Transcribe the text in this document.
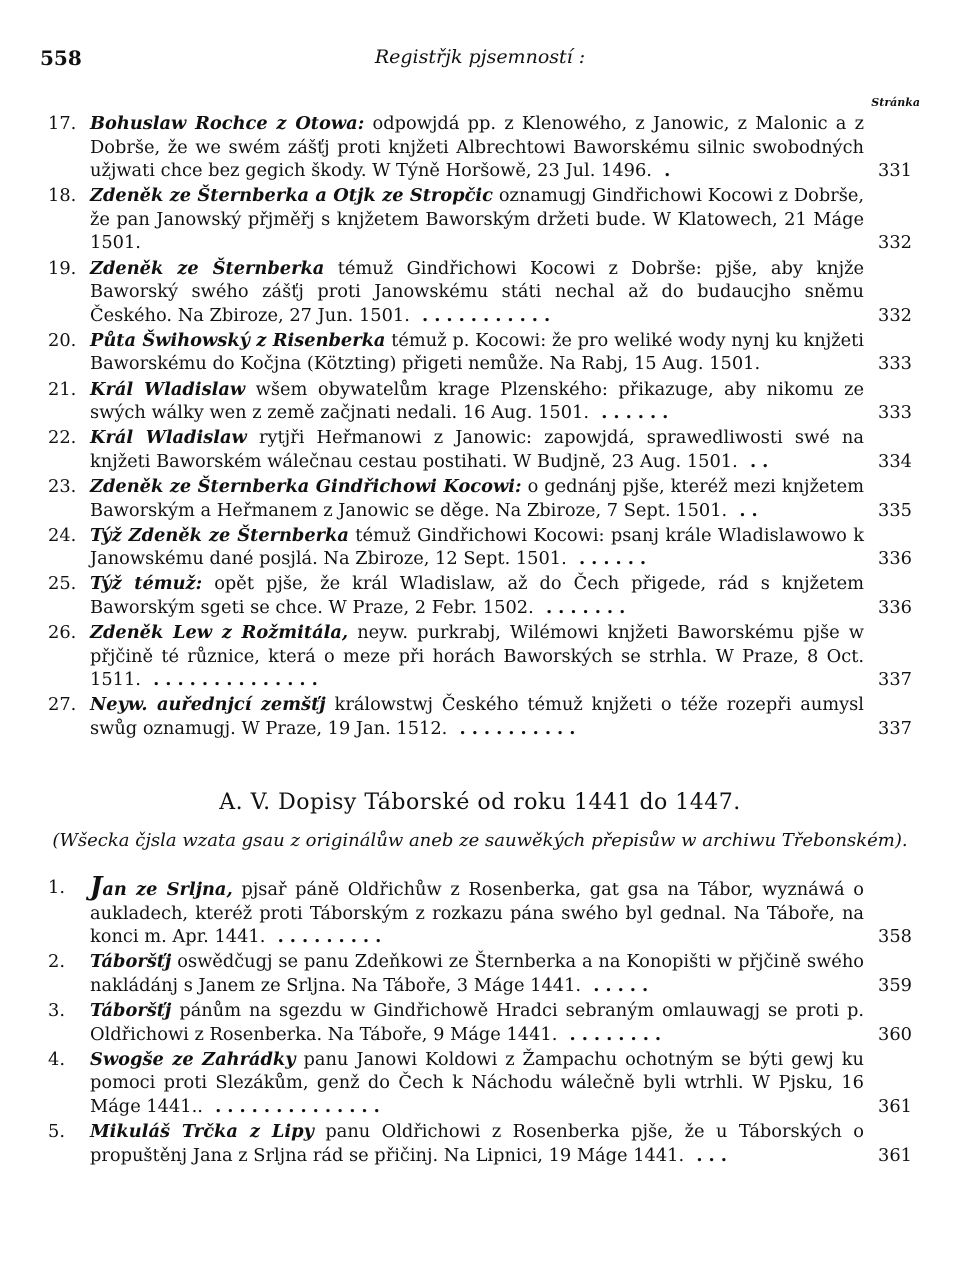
558	Registřjk pjsemností :
Stránka
17. Bohuslaw Rochce z Otowa: odpowjdá pp. z Klenowého, z Janowic, z Malonic a z Dobrše, že we swém zášťj proti knjžeti Albrechtowi Baworskému silnic swobodných užjwati chce bez gegich škody. W Týně Horšowě, 23 Jul. 1496. .	331
18. Zdeněk ze Šternberka a Otjk ze Stropčic oznamugj Gindřichowi Kocowi z Dobrše, že pan Janowský přjměřj s knjžetem Baworským držeti bude. W Klatowech, 21 Máge 1501.	332
19. Zdeněk ze Šternberka témuž Gindřichowi Kocowi z Dobrše: pjše, aby knjže Baworský swého zášťj proti Janowskému státi nechal až do budaucjho sněmu Českého. Na Zbiroze, 27 Jun. 1501. ...........	332
20. Půta Šwihowský z Risenberka témuž p. Kocowi: že pro weliké wody nynj ku knjžeti Baworskému do Kočjna (Kötzting) přigeti nemůže. Na Rabj, 15 Aug. 1501.	333
21. Král Wladislaw wšem obywatelům krage Plzenského: přikazuge, aby nikomu ze swých wálky wen z země začjnati nedali. 16 Aug. 1501. ......	333
22. Král Wladislaw rytjři Heřmanowi z Janowic: zapowjdá, sprawedliwosti swé na knjžeti Baworském wálečnau cestau postihati. W Budjně, 23 Aug. 1501. ..	334
23. Zdeněk ze Šternberka Gindřichowi Kocowi: o gednánj pjše, kteréž mezi knjžetem Baworským a Heřmanem z Janowic se děge. Na Zbiroze, 7 Sept. 1501. ..	335
24. Týž Zdeněk ze Šternberka témuž Gindřichowi Kocowi: psanj krále Wladislawowo k Janowskému dané posjlá. Na Zbiroze, 12 Sept. 1501. ......	336
25. Týž témuž: opět pjše, že král Wladislaw, až do Čech přigede, rád s knjžetem Baworským sgeti se chce. W Praze, 2 Febr. 1502. .......	336
26. Zdeněk Lew z Rožmitála, neyw. purkrabj, Wilémowi knjžeti Baworskému pjše w přjčině té různice, která o meze při horách Baworských se strhla. W Praze, 8 Oct. 1511. ..............	337
27. Neyw. auřednjcí zemšťj králowstwj Českého témuž knjžeti o téže rozepři aumysl swůg oznamugj. W Praze, 19 Jan. 1512. ..........	337
A. V. Dopisy Táborské od roku 1441 do 1447.
(Wšecka čjsla wzata gsau z originálůw aneb ze sauwěkých přepisůw w archiwu Třebonském).
1. Jan ze Srljna, pjsař páně Oldřichůw z Rosenberka, gat gsa na Tábor, wyznáwá o aukladech, kteréž proti Táborským z rozkazu pána swého byl gednal. Na Táboře, na konci m. Apr. 1441. .........	358
2.	Táboršťj oswědčugj se panu Zdeňkowi ze Šternberka a na Konopišti w přjčině swého nakládánj s Janem ze Srljna. Na Táboře, 3 Máge 1441. .....	359
3.	Táboršťj pánům na sgezdu w Gindřichowě Hradci sebraným omlauwagj se proti p. Oldřichowi z Rosenberka. Na Táboře, 9 Máge 1441. ........	360
4.	Swogše ze Zahrádky panu Janowi Koldowi z Žampachu ochotným se býti gewj ku pomoci proti Slezákům, genž do Čech k Náchodu wálečně byli wtrhli. W Pjsku, 16 Máge 1441.. ..............	361
5.	Mikuláš Trčka z Lipy panu Oldřichowi z Rosenberka pjše, že u Táborských o propuštěnj Jana z Srljna rád se přičinj. Na Lipnici, 19 Máge 1441. ...	361
